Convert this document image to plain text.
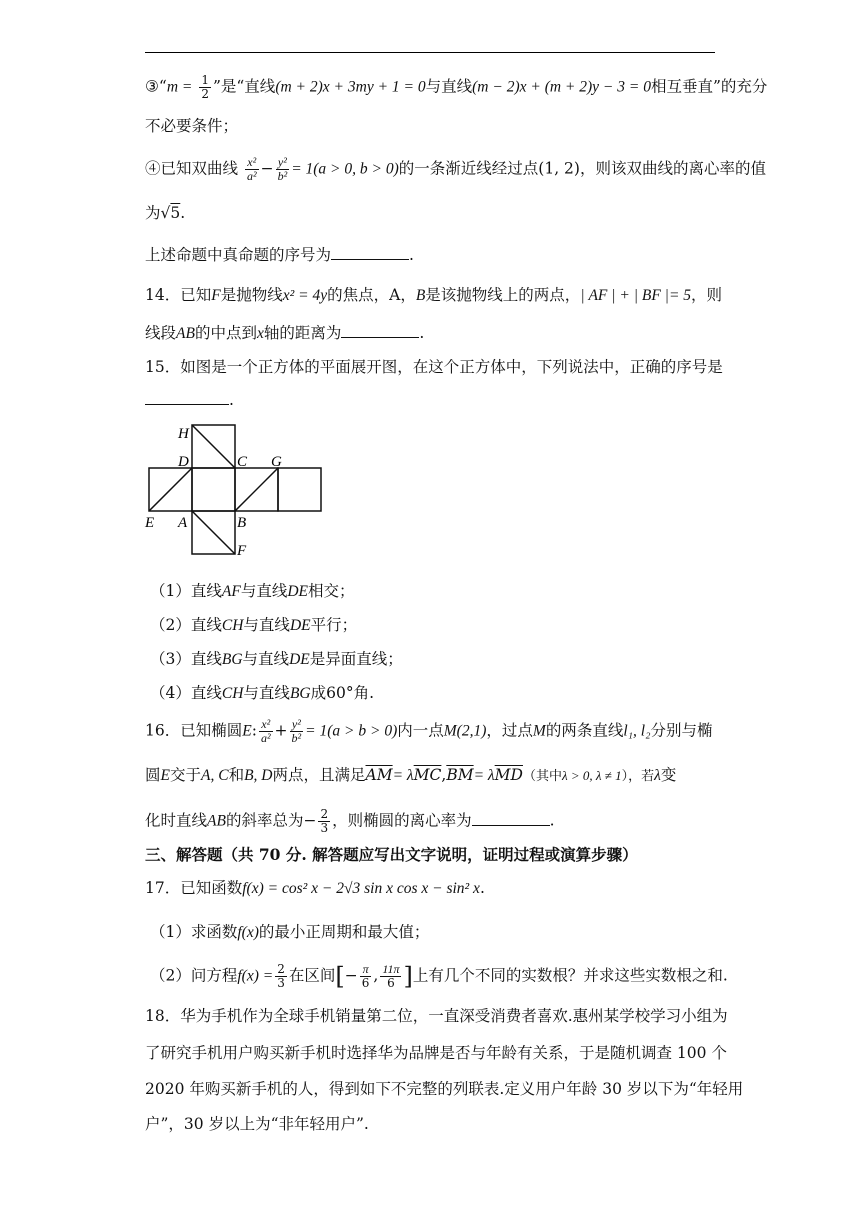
③“m = $\frac{1}{2}$ ”是“直线(m + 2)x + 3my + 1 = 0与直线(m − 2)x + (m + 2)y − 3 = 0相互垂直”的充分
不必要条件；
④已知双曲线 $\frac{\text{x²}}{\text{a²}} - \frac{\text{y²}}{\text{b²}} = 1(a > 0$, b > 0)的一条渐近线经过点(1, 2)，则该双曲线的离心率的值
为√5.
上述命题中真命题的序号为	.
14．已知F是抛物线x² = 4y的焦点，A，B是该抛物线上的两点，| AF | + | BF |= 5，则
线段AB的中点到x轴的距离为	.
15．如图是一个正方体的平面展开图，在这个正方体中，下列说法中，正确的序号是
.
H
D	C G
E A	B
F
（1）直线AF与直线DE相交；
（2）直线CH与直线DE平行；
（3）直线BG与直线DE是异面直线；
（4）直线CH与直线BG成60°角.
16．已知椭圆E: $\frac{\text{x²}}{\text{a²}} + \frac{\text{y²}}{\text{b²}} = 1(a > b > 0)$内一点M(2,1)，过点M的两条直线l₁, l₂分别与椭
圆E交于A, C和B, D两点，且满足$\overline{AM}= \lambda\overline{MC},\overline{BM}= \lambda\overline{MD}$（其中λ > 0, λ ≠ 1），若λ变
化时直线AB的斜率总为− $\frac{2}{3}$ ，则椭圆的离心率为	.
三、解答题（共 70 分. 解答题应写出文字说明，证明过程或演算步骤）
17．已知函数f(x) = cos² x − 2√3 sin x cos x − sin² x.
（1）求函数f(x)的最小正周期和最大值；
（2）问方程$f(x) = \frac{2}{3}$ 在区间[− $\frac{\pi}{6}$ , $\frac{11\pi}{6}$ ]上有几个不同的实数根？并求这些实数根之和.
18．华为手机作为全球手机销量第二位，一直深受消费者喜欢.惠州某学校学习小组为
了研究手机用户购买新手机时选择华为品牌是否与年龄有关系，于是随机调查 100 个
2020 年购买新手机的人，得到如下不完整的列联表.定义用户年龄 30 岁以下为“年轻用
户”，30 岁以上为“非年轻用户”.
